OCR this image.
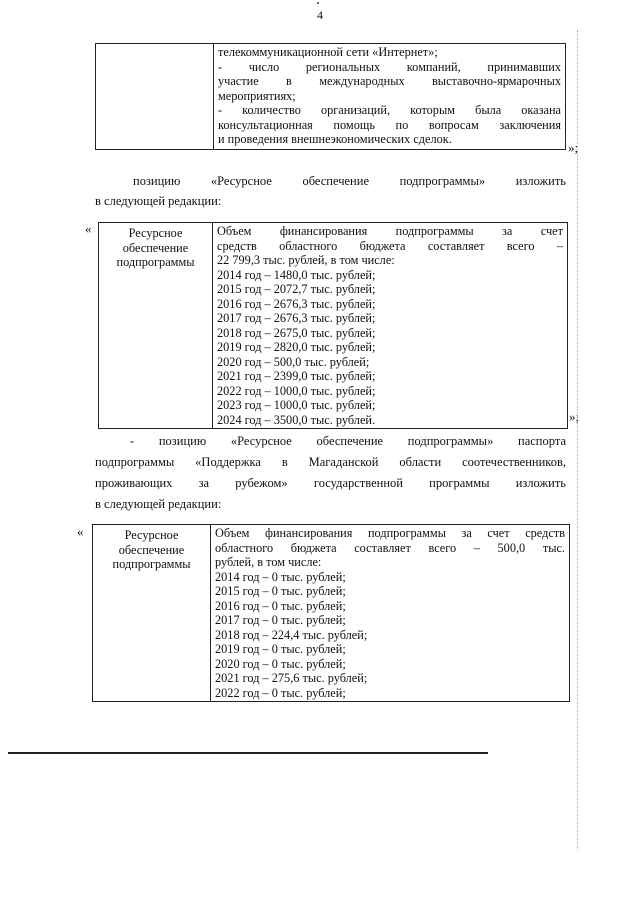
4

телекоммуникационной сети «Интернет»;
- число региональных компаний, принимавших
участие в международных выставочно-ярмарочных
мероприятиях;
- количество организаций, которым была оказана
консультационная помощь по вопросам заключения
и проведения внешнеэкономических сделок.
»;
позицию «Ресурсное обеспечение подпрограммы» изложить
в следующей редакции:
«	Ресурсное
обеспечение
подпрограммы

Объем финансирования подпрограммы за счет
средств областного бюджета составляет всего –
22 799,3 тыс. рублей, в том числе:
2014 год – 1480,0 тыс. рублей;
2015 год – 2072,7 тыс. рублей;
2016 год – 2676,3 тыс. рублей;
2017 год – 2676,3 тыс. рублей;
2018 год – 2675,0 тыс. рублей;
2019 год – 2820,0 тыс. рублей;
2020 год – 500,0 тыс. рублей;
2021 год – 2399,0 тыс. рублей;
2022 год – 1000,0 тыс. рублей;
2023 год – 1000,0 тыс. рублей;
2024 год – 3500,0 тыс. рублей.	»;
- позицию «Ресурсное обеспечение подпрограммы» паспорта
подпрограммы «Поддержка в Магаданской области соотечественников,
проживающих за рубежом» государственной программы изложить
в следующей редакции:
«	Ресурсное
обеспечение
подпрограммы

Объем финансирования подпрограммы за счет средств
областного бюджета составляет всего – 500,0 тыс.
рублей, в том числе:
2014 год – 0 тыс. рублей;
2015 год – 0 тыс. рублей;
2016 год – 0 тыс. рублей;
2017 год – 0 тыс. рублей;
2018 год – 224,4 тыс. рублей;
2019 год – 0 тыс. рублей;
2020 год – 0 тыс. рублей;
2021 год – 275,6 тыс. рублей;
2022 год – 0 тыс. рублей;
